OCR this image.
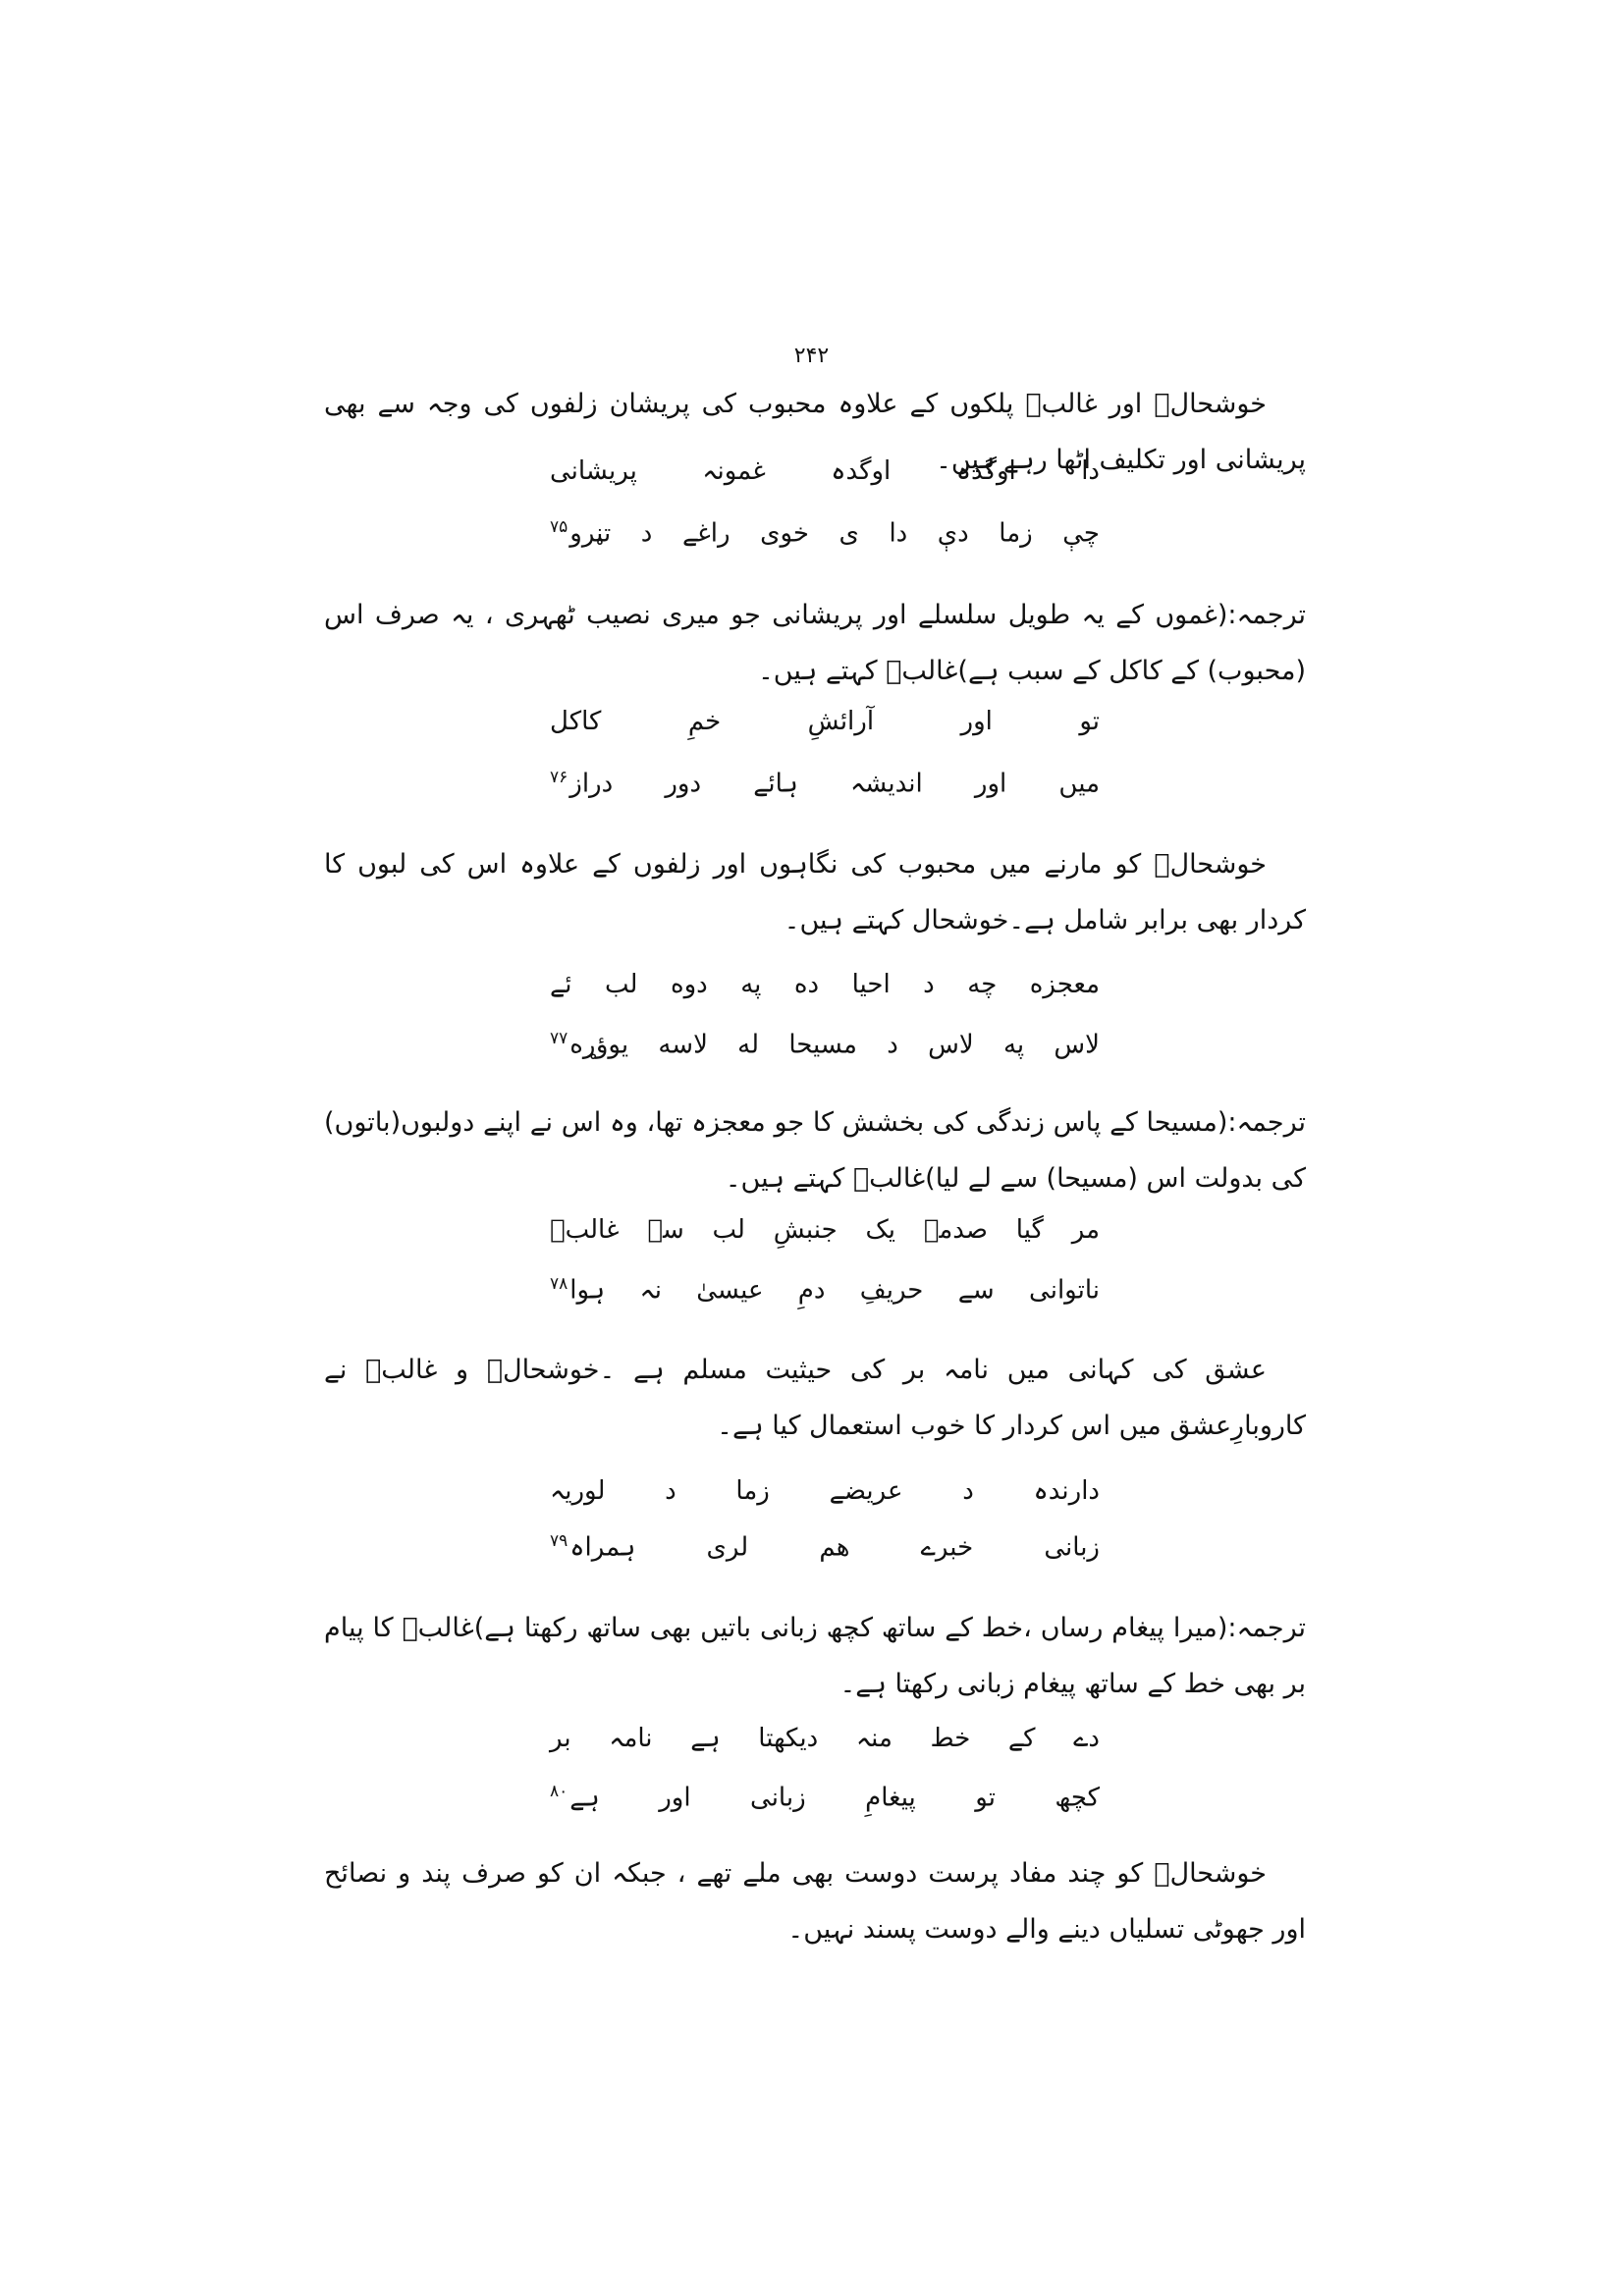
۲۴۲
خوشحالؔ اور غالبؔ پلکوں کے علاوہ محبوب کی پریشان زلفوں کی وجہ سے بھی پریشانی اور تکلیف اٹھا رہے ہیں۔
دا اوگدہ اوگدہ غمونہ پریشانی
چې زما دې دا ی خوی راغے د تڼرو$^{۷۵}$
ترجمہ:(غموں کے یہ طویل سلسلے اور پریشانی جو میری نصیب ٹھہری ، یہ صرف اس (محبوب) کے کاکل کے سبب ہے)غالبؔ کہتے ہیں۔
تو اور آرائشِ خمِ کاکل
میں اور اندیشہ ہائے دور دراز$^{۷۶}$
خوشحالؔ کو مارنے میں محبوب کی نگاہوں اور زلفوں کے علاوہ اس کی لبوں کا کردار بھی برابر شامل ہے۔خوشحال کہتے ہیں۔
معجزه چه د احیا ده په دوه لب ئے
لاس په لاس د مسیحا له لاسه یوؤړه$^{۷۷}$
ترجمہ:(مسیحا کے پاس زندگی کی بخشش کا جو معجزہ تھا، وہ اس نے اپنے دولبوں(باتوں) کی بدولت اس (مسیحا) سے لے لیا)غالبؔ کہتے ہیں۔
مر گیا صدمۂ یک جنبشِ لب سے غالبؔ
ناتوانی سے حریفِ دمِ عیسیٰ نہ ہوا$^{۷۸}$
عشق کی کہانی میں نامہ بر کی حیثیت مسلم ہے ۔خوشحالؔ و غالبؔ نے کاروبارِعشق میں اس کردار کا خوب استعمال کیا ہے۔
دارندہ د عریضے زما د لوریہ
زبانی خبرے ھم لری ہمراہ$^{۷۹}$
ترجمہ:(میرا پیغام رساں ،خط کے ساتھ کچھ زبانی باتیں بھی ساتھ رکھتا ہے)غالبؔ کا پیام بر بھی خط کے ساتھ پیغام زبانی رکھتا ہے۔
دے کے خط منہ دیکھتا ہے نامہ بر
کچھ تو پیغامِ زبانی اور ہے$^{۸۰}$
خوشحالؔ کو چند مفاد پرست دوست بھی ملے تھے ، جبکہ ان کو صرف پند و نصائح اور جھوٹی تسلیاں دینے والے دوست پسند نہیں۔
